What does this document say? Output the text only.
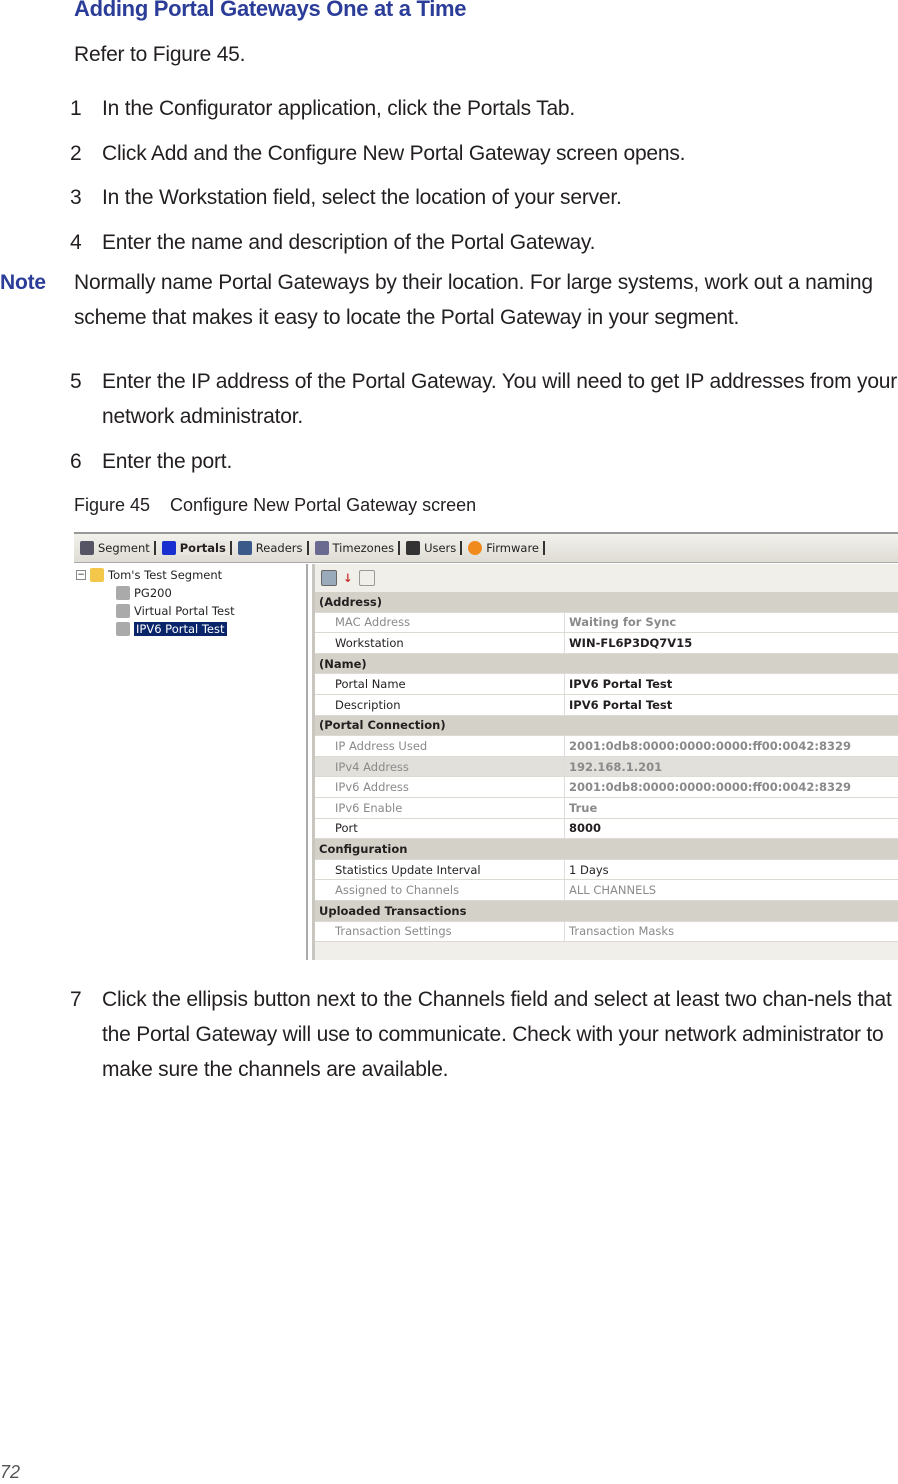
Adding Portal Gateways One at a Time
Refer to Figure 45.
1 In the Configurator application, click the Portals Tab.
2 Click Add and the Configure New Portal Gateway screen opens.
3 In the Workstation field, select the location of your server.
4 Enter the name and description of the Portal Gateway.
Note Normally name Portal Gateways by their location. For large systems, work out a naming scheme that makes it easy to locate the Portal Gateway in your segment.
5 Enter the IP address of the Portal Gateway. You will need to get IP addresses from your network administrator.
6 Enter the port.
Figure 45 Configure New Portal Gateway screen
Segment	Portals	Readers	Timezones	Users	Firmware
− Tom's Test Segment
PG200
Virtual Portal Test
IPV6 Portal Test
↓
(Address)
MAC Address	Waiting for Sync
Workstation	WIN-FL6P3DQ7V15
(Name)
Portal Name	IPV6 Portal Test
Description	IPV6 Portal Test
(Portal Connection)
IP Address Used	2001:0db8:0000:0000:0000:ff00:0042:8329
IPv4 Address	192.168.1.201
IPv6 Address	2001:0db8:0000:0000:0000:ff00:0042:8329
IPv6 Enable	True
Port	8000
Configuration
Statistics Update Interval	1 Days
Assigned to Channels	ALL CHANNELS
Uploaded Transactions
Transaction Settings	Transaction Masks
7 Click the ellipsis button next to the Channels field and select at least two chan-nels that the Portal Gateway will use to communicate. Check with your network administrator to make sure the channels are available.
72
